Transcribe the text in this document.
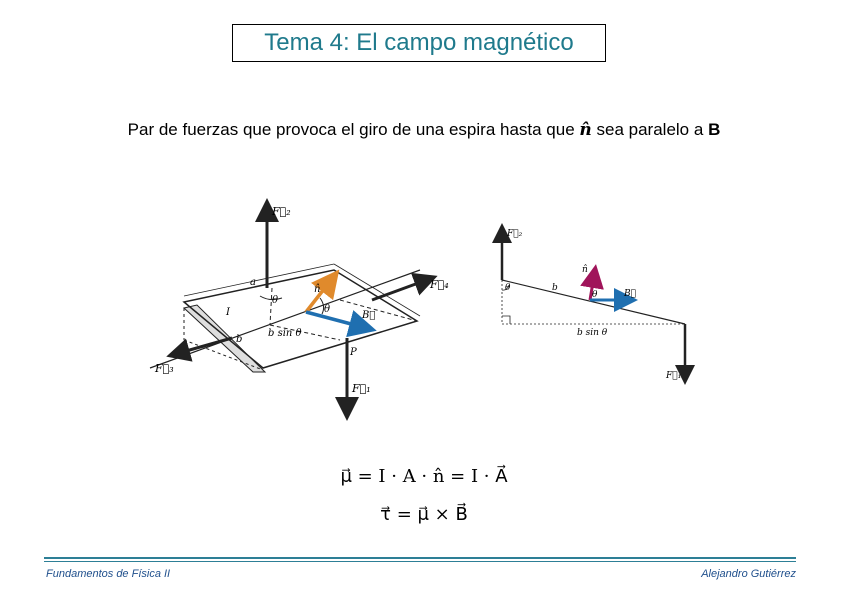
Tema 4: El campo magnético
Par de fuerzas que provoca el giro de una espira hasta que n̂ sea paralelo a B
F⃗₂
F⃗₁
F⃗₃
F⃗₄
a
b
I
θ
θ
n̂
B⃗
b sin θ
P
F⃗₂
F⃗₁
b
θ
θ
n̂
B⃗
b sin θ
μ⃗ = I · A · n̂ = I · A⃗
τ⃗ = μ⃗ × B⃗
Fundamentos de Física II	Alejandro Gutiérrez
